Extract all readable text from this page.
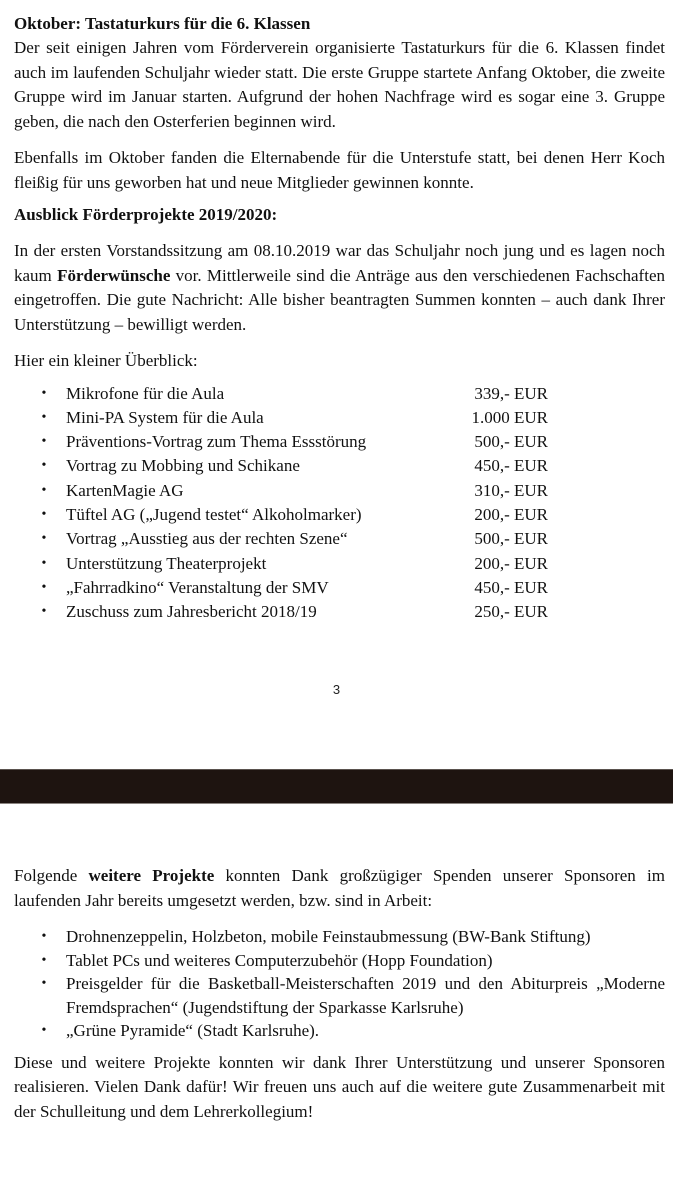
Oktober: Tastaturkurs für die 6. Klassen

Der seit einigen Jahren vom Förderverein organisierte Tastaturkurs für die 6. Klassen findet auch im laufenden Schuljahr wieder statt. Die erste Gruppe startete Anfang Oktober, die zweite Gruppe wird im Januar starten. Aufgrund der hohen Nachfrage wird es sogar eine 3. Gruppe geben, die nach den Osterferien beginnen wird.

Ebenfalls im Oktober fanden die Elternabende für die Unterstufe statt, bei denen Herr Koch fleißig für uns geworben hat und neue Mitglieder gewinnen konnte.

Ausblick Förderprojekte 2019/2020:

In der ersten Vorstandssitzung am 08.10.2019 war das Schuljahr noch jung und es lagen noch kaum Förderwünsche vor. Mittlerweile sind die Anträge aus den verschiedenen Fachschaften eingetroffen. Die gute Nachricht: Alle bisher beantragten Summen konnten – auch dank Ihrer Unterstützung – bewilligt werden.

Hier ein kleiner Überblick:

• Mikrofone für die Aula	339,- EUR
• Mini-PA System für die Aula	1.000 EUR
• Präventions-Vortrag zum Thema Essstörung	500,- EUR
• Vortrag zu Mobbing und Schikane	450,- EUR
• KartenMagie AG	310,- EUR
• Tüftel AG („Jugend testet“ Alkoholmarker)	200,- EUR
• Vortrag „Ausstieg aus der rechten Szene“	500,- EUR
• Unterstützung Theaterprojekt	200,- EUR
• „Fahrradkino“ Veranstaltung der SMV	450,- EUR
• Zuschuss zum Jahresbericht 2018/19	250,- EUR
3

Folgende weitere Projekte konnten Dank großzügiger Spenden unserer Sponsoren im laufenden Jahr bereits umgesetzt werden, bzw. sind in Arbeit:

• Drohnenzeppelin, Holzbeton, mobile Feinstaubmessung (BW-Bank Stiftung)
• Tablet PCs und weiteres Computerzubehör (Hopp Foundation)
• Preisgelder für die Basketball-Meisterschaften 2019 und den Abiturpreis „Moderne Fremdsprachen“ (Jugendstiftung der Sparkasse Karlsruhe)
• „Grüne Pyramide“ (Stadt Karlsruhe).

Diese und weitere Projekte konnten wir dank Ihrer Unterstützung und unserer Sponsoren realisieren. Vielen Dank dafür! Wir freuen uns auch auf die weitere gute Zusammenarbeit mit der Schulleitung und dem Lehrerkollegium!
